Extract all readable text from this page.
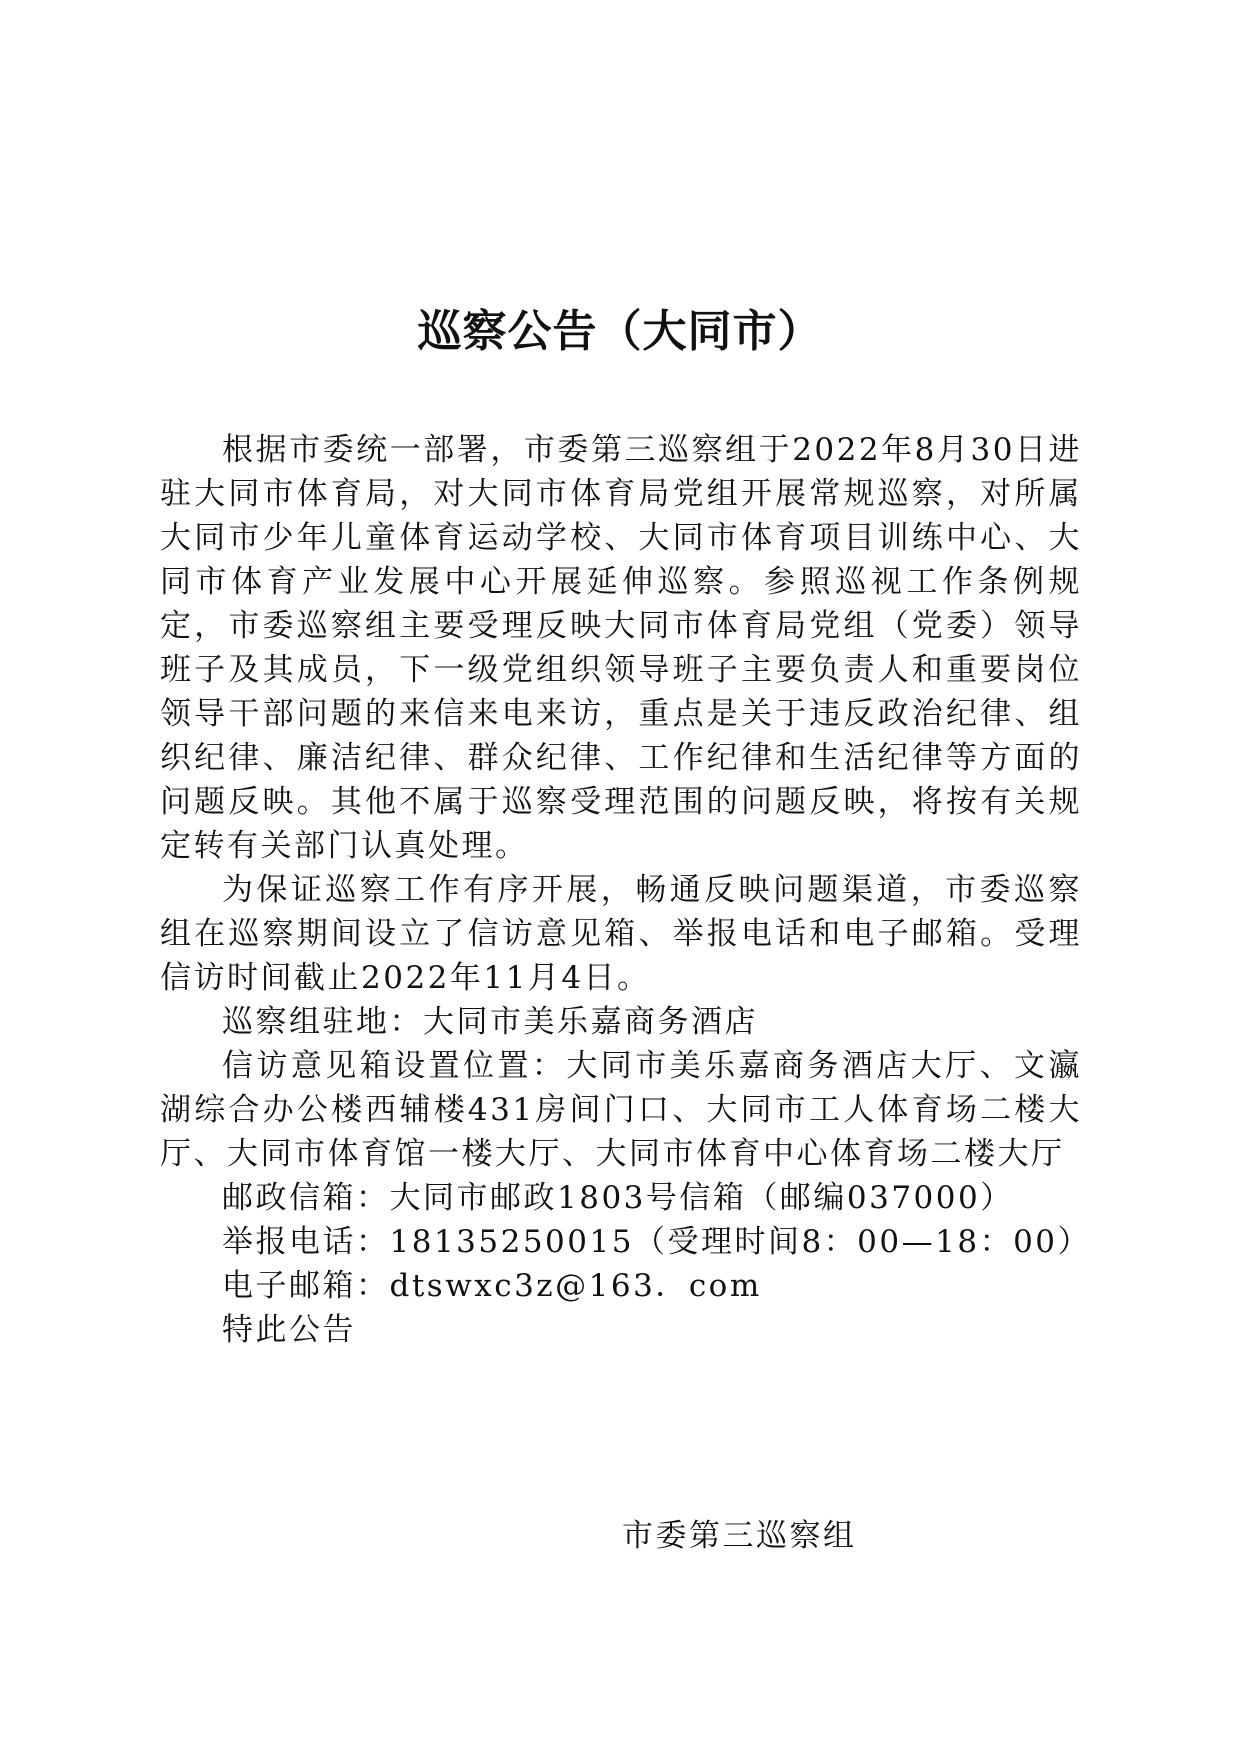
巡察公告（大同市）

根据市委统一部署，市委第三巡察组于2022年8月30日进驻大同市体育局，对大同市体育局党组开展常规巡察，对所属大同市少年儿童体育运动学校、大同市体育项目训练中心、大同市体育产业发展中心开展延伸巡察。参照巡视工作条例规定，市委巡察组主要受理反映大同市体育局党组（党委）领导班子及其成员，下一级党组织领导班子主要负责人和重要岗位领导干部问题的来信来电来访，重点是关于违反政治纪律、组织纪律、廉洁纪律、群众纪律、工作纪律和生活纪律等方面的问题反映。其他不属于巡察受理范围的问题反映，将按有关规定转有关部门认真处理。

为保证巡察工作有序开展，畅通反映问题渠道，市委巡察组在巡察期间设立了信访意见箱、举报电话和电子邮箱。受理信访时间截止2022年11月4日。

巡察组驻地：大同市美乐嘉商务酒店

信访意见箱设置位置：大同市美乐嘉商务酒店大厅、文瀛湖综合办公楼西辅楼431房间门口、大同市工人体育场二楼大厅、大同市体育馆一楼大厅、大同市体育中心体育场二楼大厅

邮政信箱：大同市邮政1803号信箱（邮编037000）

举报电话：18135250015（受理时间8：00—18：00）

电子邮箱：dtswxc3z@163．com

特此公告

市委第三巡察组
